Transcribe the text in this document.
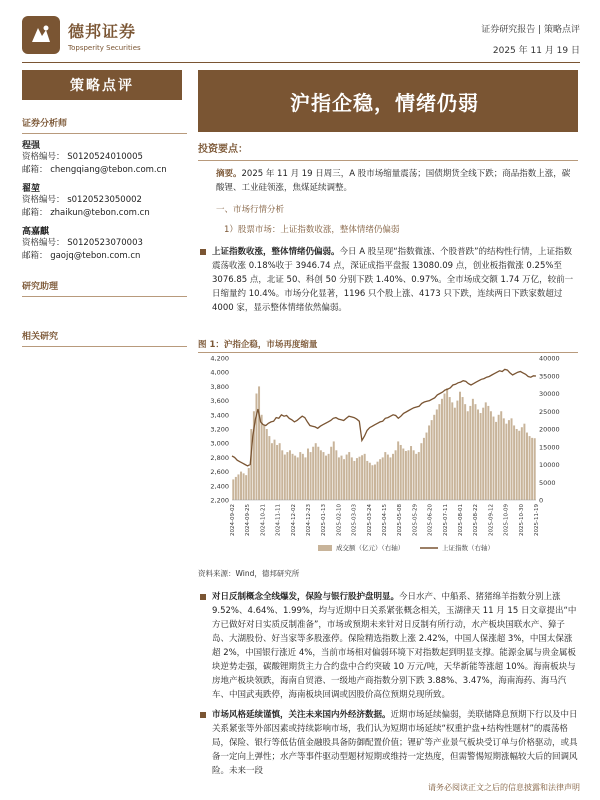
德邦证券
Topsperity Securities
证券研究报告 | 策略点评
2025 年 11 月 19 日
策略点评
沪指企稳，情绪仍弱
证券分析师
程强
资格编号： S0120524010005
邮箱： chengqiang@tebon.com.cn
翟堃
资格编号： s0120523050002
邮箱： zhaikun@tebon.com.cn
高嘉麒
资格编号： S0120523070003
邮箱： gaojq@tebon.com.cn
研究助理
相关研究
投资要点：
摘要。2025 年 11 月 19 日周三，A 股市场缩量震荡；国债期货全线下跌；商品指数上涨，碳酸锂、工业硅领涨，焦煤延续调整。
一、市场行情分析
1）股票市场：上证指数收涨，整体情绪仍偏弱
上证指数收涨，整体情绪仍偏弱。今日 A 股呈现“指数微涨、个股普跌”的结构性行情，上证指数震荡收涨 0.18%收于 3946.74 点，深证成指平盘报 13080.09 点，创业板指微涨 0.25%至 3076.85 点，北证 50、科创 50 分别下跌 1.40%、0.97%。全市场成交额 1.74 万亿，较前一日缩量约 10.4%。市场分化显著，1196 只个股上涨、4173 只下跌，连续两日下跌家数超过 4000 家，显示整体情绪依然偏弱。
图 1：沪指企稳，市场再度缩量
4,200
4,000
3,800
3,600
3,400
3,200
3,000
2,800
2,600
2,400
2,200
40000
35000
30000
25000
20000
15000
10000
5000
0
2024-09-02 2024-09-25 2024-10-21 2024-11-11 2024-12-02 2024-12-23 2025-01-13 2025-02-10 2025-03-03 2025-03-24 2025-04-15 2025-05-08 2025-05-29 2025-06-20 2025-07-11 2025-08-01 2025-08-22 2025-09-12 2025-10-09 2025-10-30 2025-11-19
成交额（亿元）（右轴）	上证指数（右轴）
资料来源：Wind，德邦研究所
对日反制概念全线爆发，保险与银行股护盘明显。今日水产、中船系、猪猪绵羊指数分别上涨 9.52%、4.64%、1.99%，均与近期中日关系紧张概念相关，玉湖律天 11 月 15 日文章提出“中方已做好对日实质反制准备”，市场或预期未来针对日反制有所行动，水产板块国联水产、獐子岛、大湖股份、好当家等多股涨停。保险精选指数上涨 2.42%，中国人保涨超 3%，中国太保涨超 2%，中国银行涨近 4%，当前市场相对偏弱环境下对指数起到明显支撑。能源金属与贵金属板块逆势走强，碳酸锂期货主力合约盘中合约突破 10 万元/吨，天华新能等涨超 10%。海南板块与房地产板块领跌，海南自贸港、一级地产商指数分别下跌 3.88%、3.47%，海南海药、海马汽车、中国武夷跌停，海南板块回调或因股价高位预期兑现所致。
市场风格延续谨慎，关注未来国内外经济数据。近期市场延续偏弱，美联储降息预期下行以及中日关系紧张等外部因素或持续影响市场，我们认为短期市场延续“权重护盘+结构性题材”的震荡格局，保险、银行等低估值金融股具备防御配置价值；锂矿等产业景气板块受订单与价格驱动，或具备一定向上弹性；水产等事件驱动型题材短期或维持一定热度，但需警惕短期涨幅较大后的回调风险。未来一段
请务必阅读正文之后的信息披露和法律声明
